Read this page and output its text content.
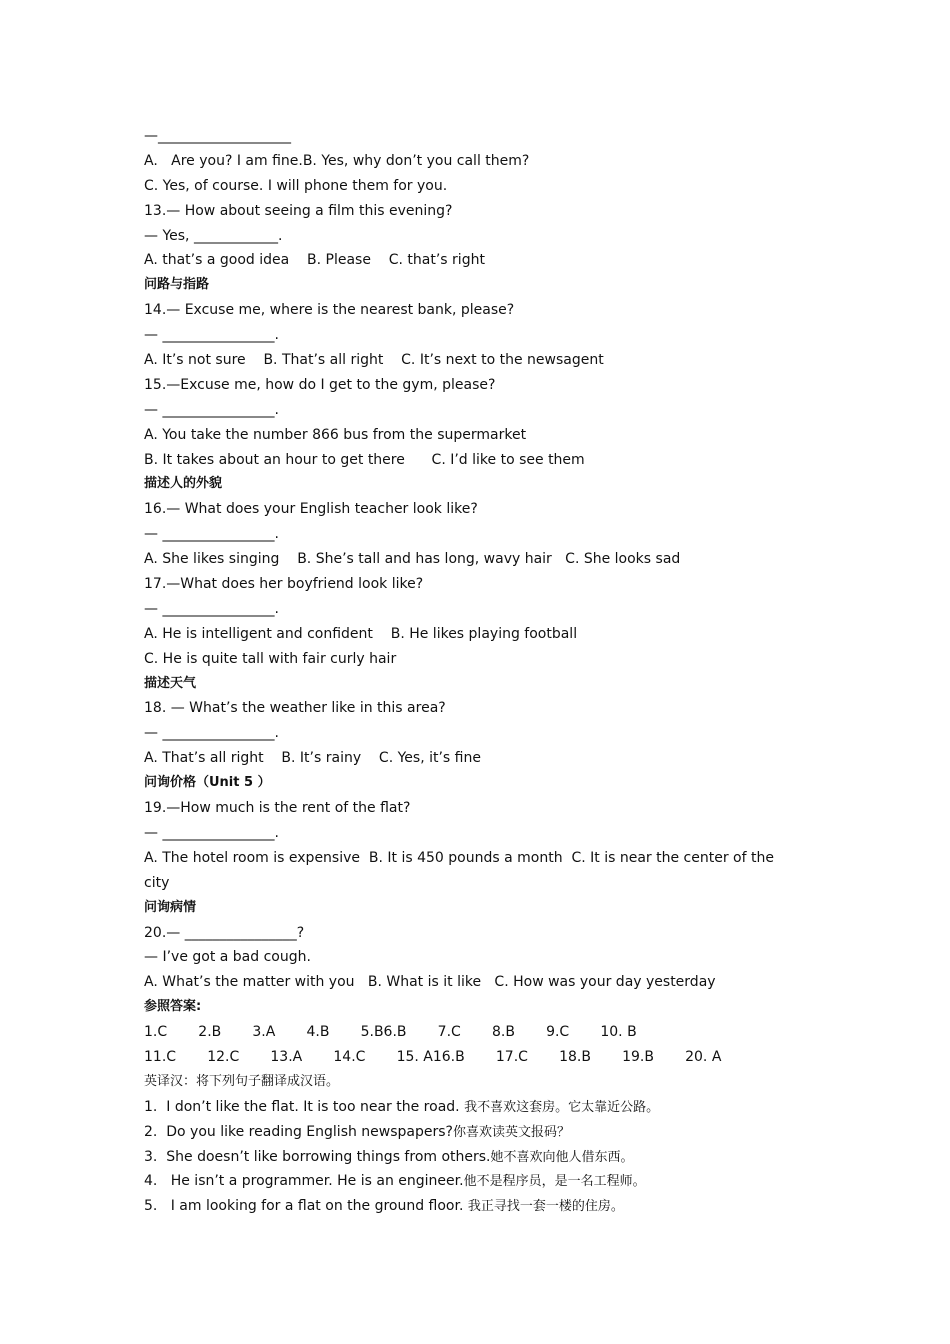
—___________________
A.   Are you? I am fine.B. Yes, why don’t you call them?
C. Yes, of course. I will phone them for you.
13.— How about seeing a film this evening?
— Yes, ____________.
A. that’s a good idea    B. Please    C. that’s right
问路与指路
14.— Excuse me, where is the nearest bank, please?
— ________________.
A. It’s not sure    B. That’s all right    C. It’s next to the newsagent
15.—Excuse me, how do I get to the gym, please?
— ________________.
A. You take the number 866 bus from the supermarket
B. It takes about an hour to get there      C. I’d like to see them
描述人的外貌
16.— What does your English teacher look like?
— ________________.
A. She likes singing    B. She’s tall and has long, wavy hair   C. She looks sad
17.—What does her boyfriend look like?
— ________________.
A. He is intelligent and confident    B. He likes playing football
C. He is quite tall with fair curly hair
描述天气
18. — What’s the weather like in this area?
— ________________.
A. That’s all right    B. It’s rainy    C. Yes, it’s fine
问询价格（Unit 5 ）
19.—How much is the rent of the flat?
— ________________.
A. The hotel room is expensive  B. It is 450 pounds a month  C. It is near the center of the
city
问询病情
20.— ________________?
— I’ve got a bad cough.
A. What’s the matter with you   B. What is it like   C. How was your day yesterday
参照答案:
1.C       2.B       3.A       4.B       5.B6.B       7.C       8.B       9.C       10. B
11.C       12.C       13.A       14.C       15. A16.B       17.C       18.B       19.B       20. A
英译汉：将下列句子翻译成汉语。
1.  I don’t like the flat. It is too near the road. 我不喜欢这套房。它太靠近公路。
2.  Do you like reading English newspapers?你喜欢读英文报码？
3.  She doesn’t like borrowing things from others.她不喜欢向他人借东西。
4.   He isn’t a programmer. He is an engineer.他不是程序员，是一名工程师。
5.   I am looking for a flat on the ground floor. 我正寻找一套一楼的住房。
